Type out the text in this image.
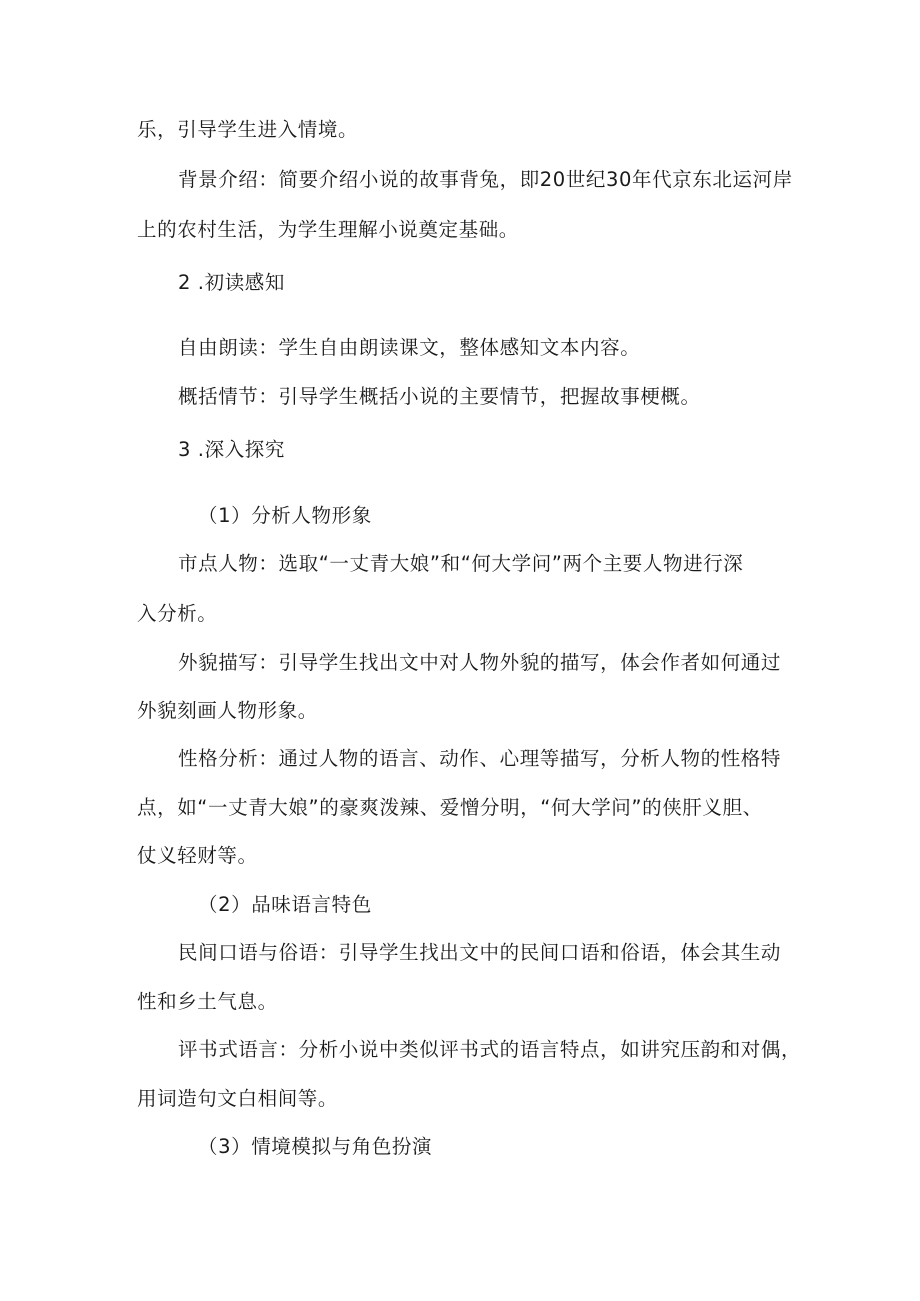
乐，引导学生进入情境。

背景介绍：简要介绍小说的故事背兔，即20世纪30年代京东北运河岸

上的农村生活，为学生理解小说奠定基础。

2 .初读感知

自由朗读：学生自由朗读课文，整体感知文本内容。

概括情节：引导学生概括小说的主要情节，把握故事梗概。

3 .深入探究

（1）分析人物形象

市点人物：选取“一丈青大娘”和“何大学问”两个主要人物进行深

入分析。

外貌描写：引导学生找出文中对人物外貌的描写，体会作者如何通过

外貌刻画人物形象。

性格分析：通过人物的语言、动作、心理等描写，分析人物的性格特

点，如“一丈青大娘”的豪爽泼辣、爱憎分明，“何大学问”的侠肝义胆、

仗义轻财等。

（2）品味语言特色

民间口语与俗语：引导学生找出文中的民间口语和俗语，体会其生动

性和乡土气息。

评书式语言：分析小说中类似评书式的语言特点，如讲究压韵和对偶，

用词造句文白相间等。

（3）情境模拟与角色扮演
